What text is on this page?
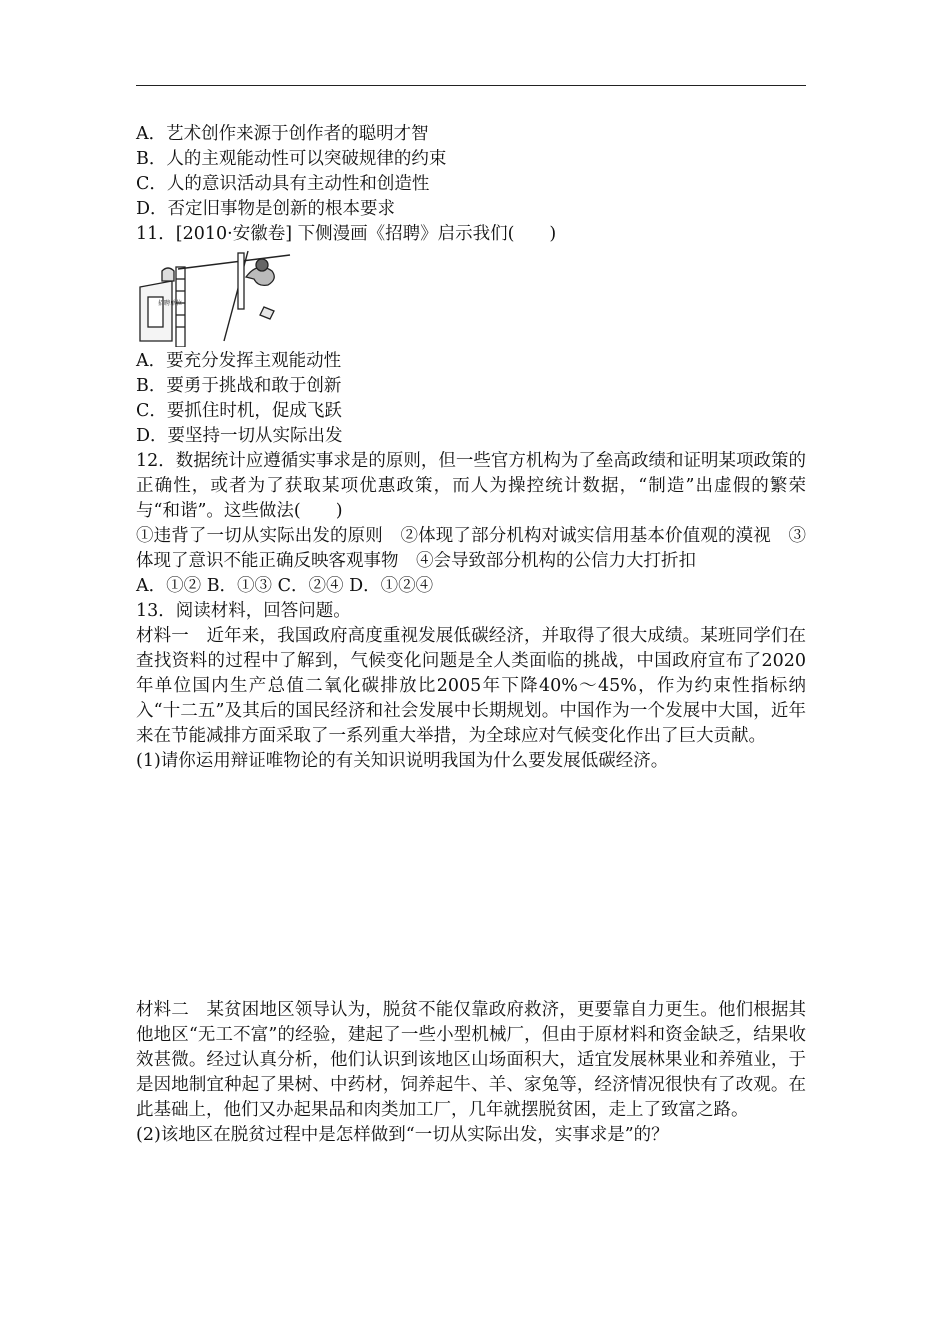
A．艺术创作来源于创作者的聪明才智
B．人的主观能动性可以突破规律的约束
C．人的意识活动具有主动性和创造性
D．否定旧事物是创新的根本要求
11．[2010·安徽卷] 下侧漫画《招聘》启示我们(　　)
招聘单位
A．要充分发挥主观能动性
B．要勇于挑战和敢于创新
C．要抓住时机，促成飞跃
D．要坚持一切从实际出发
12．数据统计应遵循实事求是的原则，但一些官方机构为了垒高政绩和证明某项政策的正确性，或者为了获取某项优惠政策，而人为操控统计数据，“制造”出虚假的繁荣与“和谐”。这些做法(　　)
①违背了一切从实际出发的原则　②体现了部分机构对诚实信用基本价值观的漠视　③体现了意识不能正确反映客观事物　④会导致部分机构的公信力大打折扣
A．①② B．①③ C．②④ D．①②④
13．阅读材料，回答问题。
材料一　近年来，我国政府高度重视发展低碳经济，并取得了很大成绩。某班同学们在查找资料的过程中了解到，气候变化问题是全人类面临的挑战，中国政府宣布了2020年单位国内生产总值二氧化碳排放比2005年下降40%～45%，作为约束性指标纳入“十二五”及其后的国民经济和社会发展中长期规划。中国作为一个发展中大国，近年来在节能减排方面采取了一系列重大举措，为全球应对气候变化作出了巨大贡献。
(1)请你运用辩证唯物论的有关知识说明我国为什么要发展低碳经济。
材料二　某贫困地区领导认为，脱贫不能仅靠政府救济，更要靠自力更生。他们根据其他地区“无工不富”的经验，建起了一些小型机械厂，但由于原材料和资金缺乏，结果收效甚微。经过认真分析，他们认识到该地区山场面积大，适宜发展林果业和养殖业，于是因地制宜种起了果树、中药材，饲养起牛、羊、家兔等，经济情况很快有了改观。在此基础上，他们又办起果品和肉类加工厂，几年就摆脱贫困，走上了致富之路。
(2)该地区在脱贫过程中是怎样做到“一切从实际出发，实事求是”的？
